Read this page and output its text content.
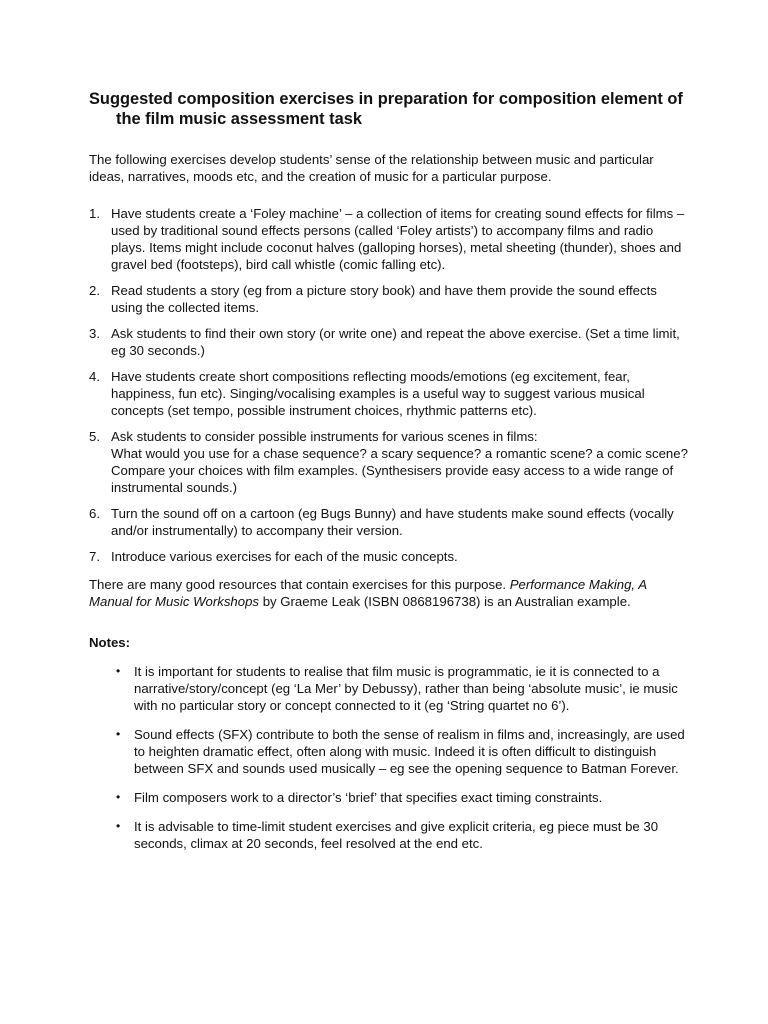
Suggested composition exercises in preparation for composition element of the film music assessment task

The following exercises develop students’ sense of the relationship between music and particular ideas, narratives, moods etc, and the creation of music for a particular purpose.

1. Have students create a ‘Foley machine’ – a collection of items for creating sound effects for films – used by traditional sound effects persons (called ‘Foley artists’) to accompany films and radio plays. Items might include coconut halves (galloping horses), metal sheeting (thunder), shoes and gravel bed (footsteps), bird call whistle (comic falling etc).
2. Read students a story (eg from a picture story book) and have them provide the sound effects using the collected items.
3. Ask students to find their own story (or write one) and repeat the above exercise. (Set a time limit, eg 30 seconds.)
4. Have students create short compositions reflecting moods/emotions (eg excitement, fear, happiness, fun etc). Singing/vocalising examples is a useful way to suggest various musical concepts (set tempo, possible instrument choices, rhythmic patterns etc).
5. Ask students to consider possible instruments for various scenes in films:
What would you use for a chase sequence? a scary sequence? a romantic scene? a comic scene? Compare your choices with film examples. (Synthesisers provide easy access to a wide range of instrumental sounds.)
6. Turn the sound off on a cartoon (eg Bugs Bunny) and have students make sound effects (vocally and/or instrumentally) to accompany their version.
7. Introduce various exercises for each of the music concepts.

There are many good resources that contain exercises for this purpose. Performance Making, A Manual for Music Workshops by Graeme Leak (ISBN 0868196738) is an Australian example.

Notes:

• It is important for students to realise that film music is programmatic, ie it is connected to a narrative/story/concept (eg ‘La Mer’ by Debussy), rather than being ‘absolute music’, ie music with no particular story or concept connected to it (eg ‘String quartet no 6’).
• Sound effects (SFX) contribute to both the sense of realism in films and, increasingly, are used to heighten dramatic effect, often along with music. Indeed it is often difficult to distinguish between SFX and sounds used musically – eg see the opening sequence to Batman Forever.
• Film composers work to a director’s ‘brief’ that specifies exact timing constraints.
• It is advisable to time-limit student exercises and give explicit criteria, eg piece must be 30 seconds, climax at 20 seconds, feel resolved at the end etc.
